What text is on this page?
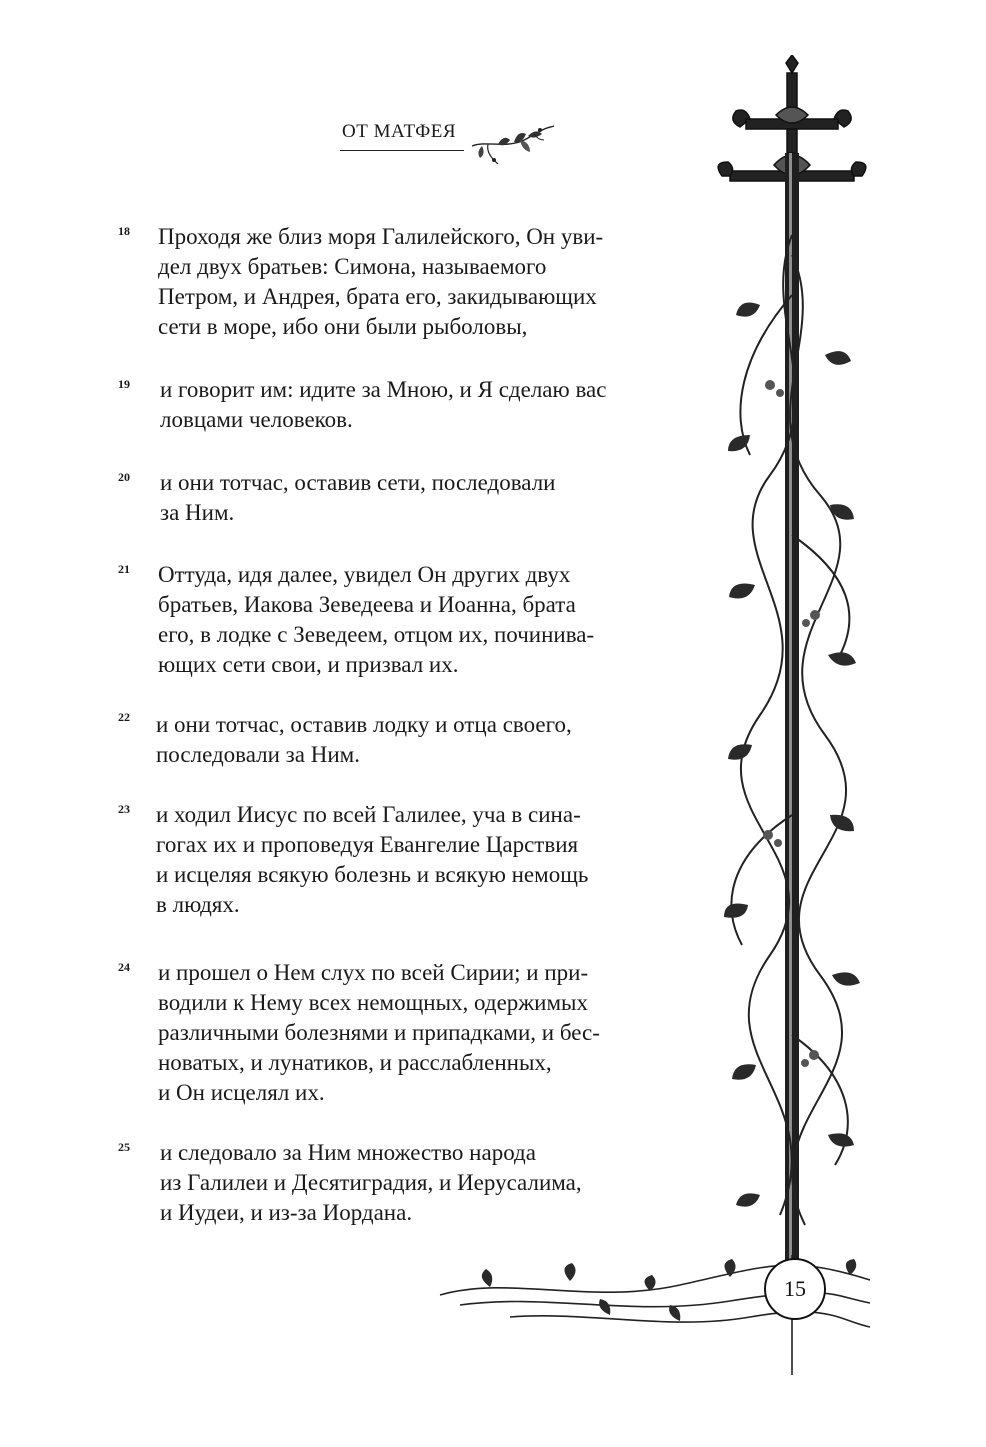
ОТ МАТФЕЯ
18	Проходя же близ моря Галилейского, Он уви-
дел двух братьев: Симона, называемого
Петром, и Андрея, брата его, закидывающих
сети в море, ибо они были рыболовы,
19	и говорит им: идите за Мною, и Я сделаю вас
ловцами человеков.
20	и они тотчас, оставив сети, последовали
за Ним.
21	Оттуда, идя далее, увидел Он других двух
братьев, Иакова Зеведеева и Иоанна, брата
его, в лодке с Зеведеем, отцом их, починива-
ющих сети свои, и призвал их.
22	и они тотчас, оставив лодку и отца своего,
последовали за Ним.
23	и ходил Иисус по всей Галилее, уча в сина-
гогах их и проповедуя Евангелие Царствия
и исцеляя всякую болезнь и всякую немощь
в людях.
24	и прошел о Нем слух по всей Сирии; и при-
водили к Нему всех немощных, одержимых
различными болезнями и припадками, и бес-
новатых, и лунатиков, и расслабленных,
и Он исцелял их.
25	и следовало за Ним множество народа
из Галилеи и Десятиградия, и Иерусалима,
и Иудеи, и из-за Иордана.
15
